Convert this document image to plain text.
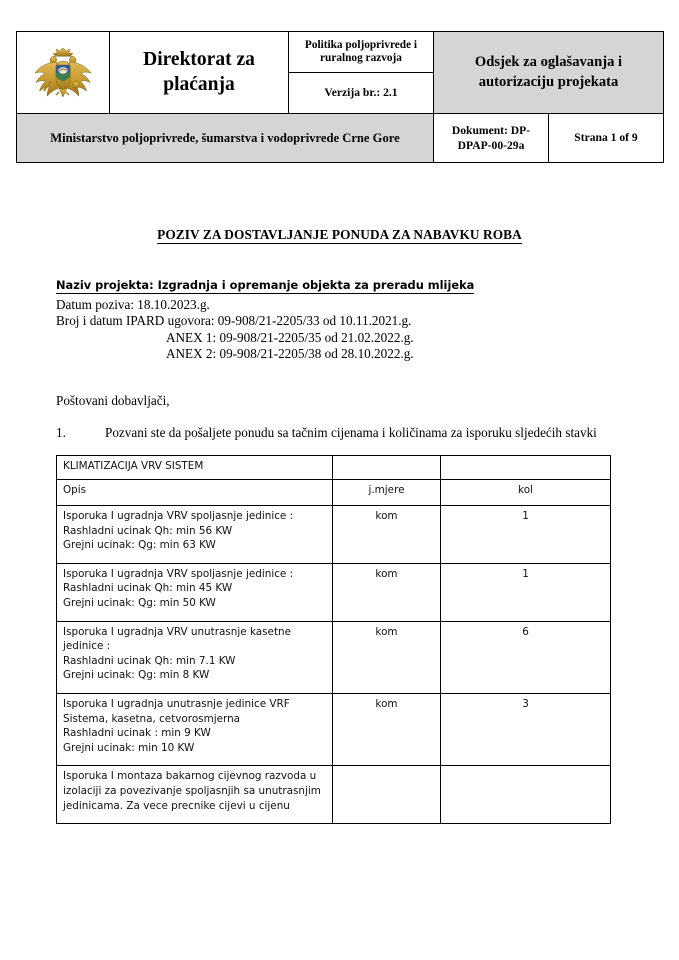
	Direktorat za plaćanja	Politika poljoprivrede i ruralnog razvoja	Odsjek za oglašavanja i autorizaciju projekata	
		Verzija br.: 2.1		
Ministarstvo poljoprivrede, šumarstva i vodoprivrede Crne Gore			Dokument: DP-DPAP-00-29a	Strana 1 of 9
POZIV ZA DOSTAVLJANJE PONUDA ZA NABAVKU ROBA
Naziv projekta: Izgradnja i opremanje objekta za preradu mlijeka
Datum poziva: 18.10.2023.g.
Broj i datum IPARD ugovora: 09-908/21-2205/33 od 10.11.2021.g.
ANEX 1: 09-908/21-2205/35 od 21.02.2022.g.
ANEX 2: 09-908/21-2205/38 od 28.10.2022.g.
Poštovani dobavljači,
1.	Pozvani ste da pošaljete ponudu sa tačnim cijenama i količinama za isporuku sljedećih stavki
KLIMATIZACIJA VRV SISTEM		
Opis	j.mjere	kol

Isporuka I ugradnja VRV spoljasnje jedinice :
Rashladni ucinak Qh: min 56 KW
Grejni ucinak: Qg: min 63 KW	kom	1

Isporuka I ugradnja VRV spoljasnje jedinice :
Rashladni ucinak Qh: min 45 KW
Grejni ucinak: Qg: min 50 KW	kom	1

Isporuka I ugradnja VRV unutrasnje kasetne
jedinice :
Rashladni ucinak Qh: min 7.1 KW
Grejni ucinak: Qg: min 8 KW	kom	6

Isporuka I ugradnja unutrasnje jedinice VRF
Sistema, kasetna, cetvorosmjerna
Rashladni ucinak : min 9 KW
Grejni ucinak: min 10 KW	kom	3

Isporuka I montaza bakarnog cijevnog razvoda u
izolaciji za povezivanje spoljasnjih sa unutrasnjim
jedinicama. Za vece precnike cijevi u cijenu		
